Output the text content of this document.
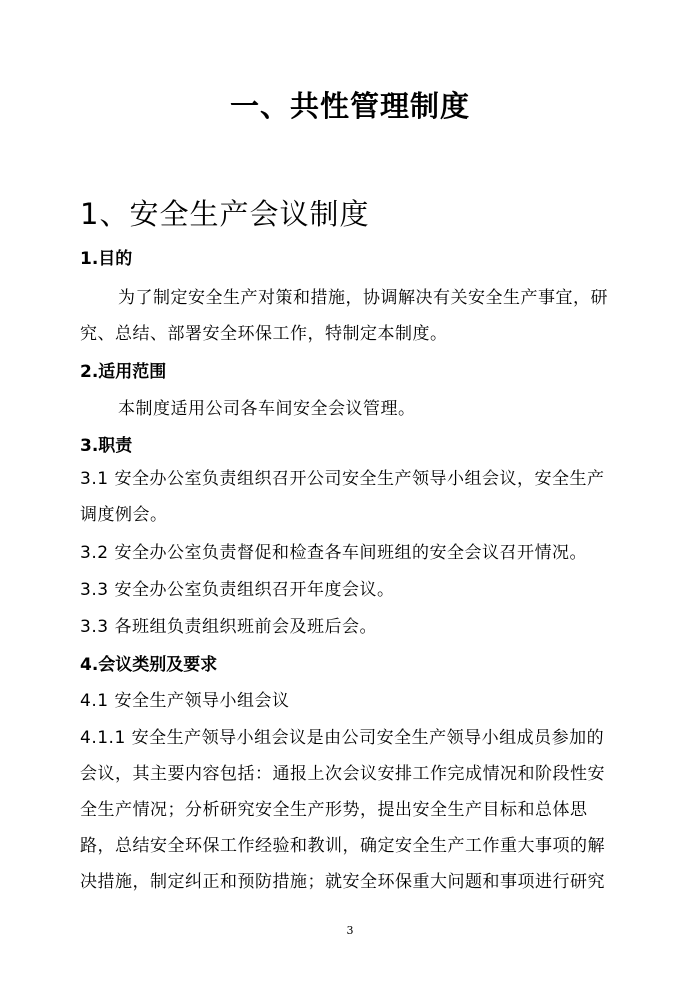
一、共性管理制度
1、安全生产会议制度
1.目的
为了制定安全生产对策和措施，协调解决有关安全生产事宜，研
究、总结、部署安全环保工作，特制定本制度。
2.适用范围
本制度适用公司各车间安全会议管理。
3.职责
3.1 安全办公室负责组织召开公司安全生产领导小组会议，安全生产
调度例会。
3.2 安全办公室负责督促和检查各车间班组的安全会议召开情况。
3.3 安全办公室负责组织召开年度会议。
3.3 各班组负责组织班前会及班后会。
4.会议类别及要求
4.1 安全生产领导小组会议
4.1.1 安全生产领导小组会议是由公司安全生产领导小组成员参加的
会议，其主要内容包括：通报上次会议安排工作完成情况和阶段性安
全生产情况；分析研究安全生产形势，提出安全生产目标和总体思
路，总结安全环保工作经验和教训，确定安全生产工作重大事项的解
决措施，制定纠正和预防措施；就安全环保重大问题和事项进行研究
3
